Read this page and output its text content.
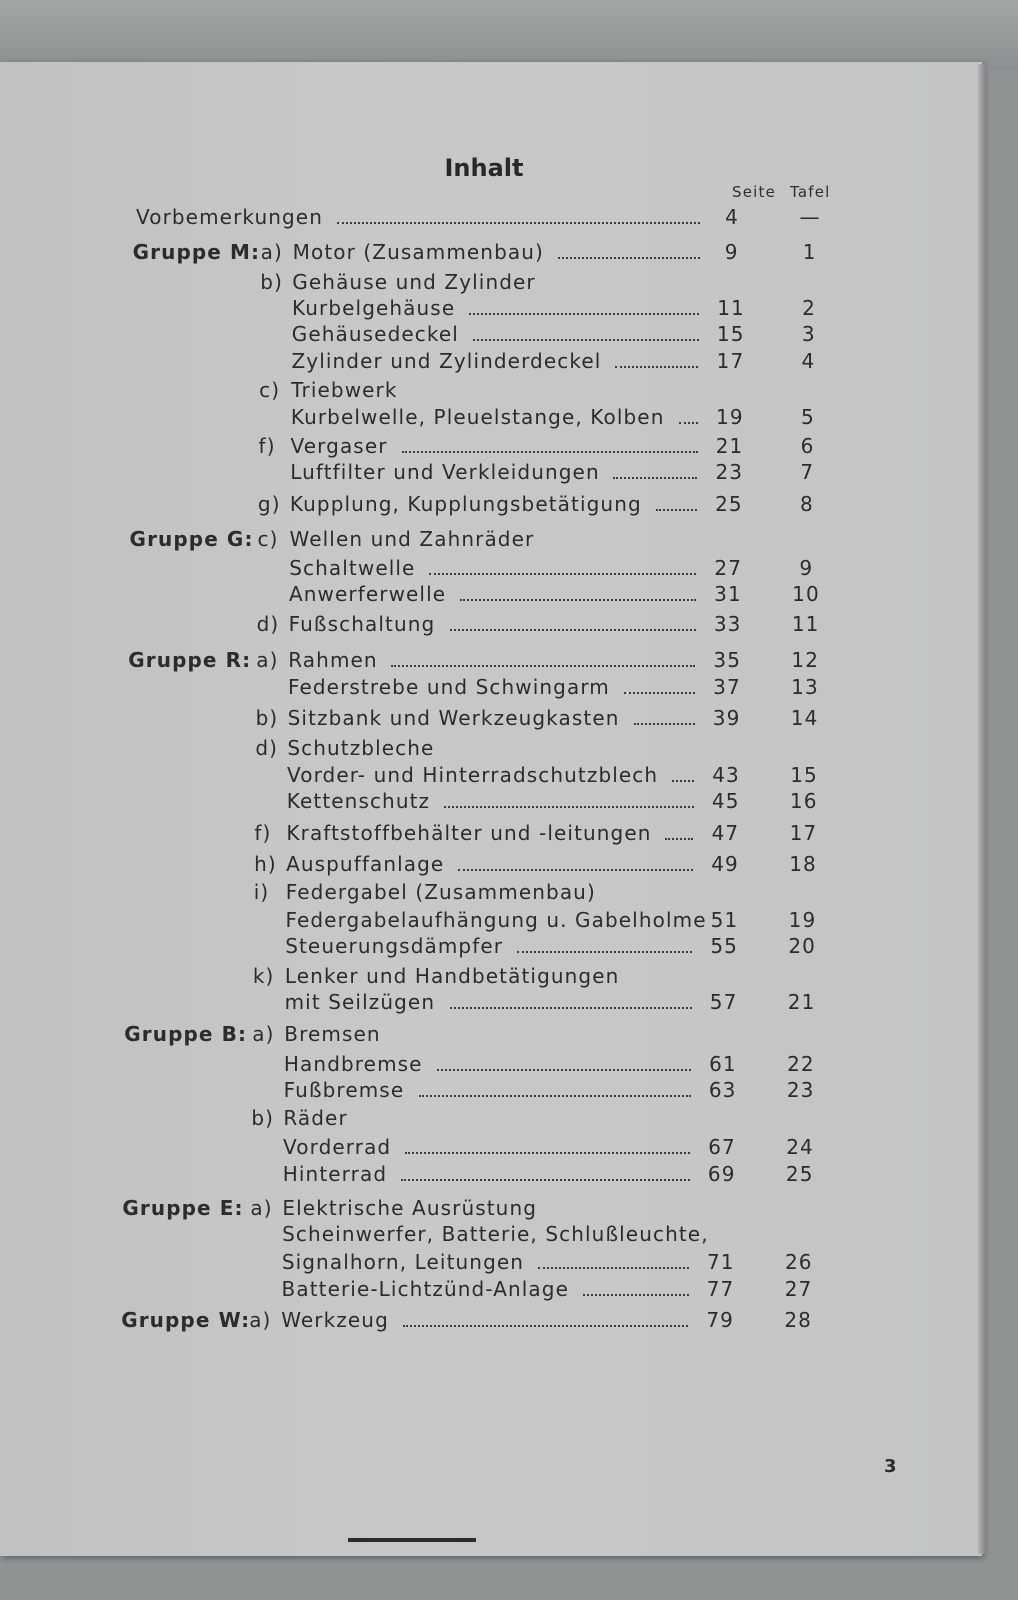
Inhalt
Seite Tafel
Vorbemerkungen	4	—
Gruppe M: a) Motor (Zusammenbau)	9	1
b) Gehäuse und Zylinder
Kurbelgehäuse	11	2
Gehäusedeckel	15	3
Zylinder und Zylinderdeckel	17	4
c) Triebwerk
Kurbelwelle, Pleuelstange, Kolben	19	5
f) Vergaser	21	6
Luftfilter und Verkleidungen	23	7
g) Kupplung, Kupplungsbetätigung	25	8
Gruppe G: c) Wellen und Zahnräder
Schaltwelle	27	9
Anwerferwelle	31	10
d) Fußschaltung	33	11
Gruppe R: a) Rahmen	35	12
Federstrebe und Schwingarm	37	13
b) Sitzbank und Werkzeugkasten	39	14
d) Schutzbleche
Vorder- und Hinterradschutzblech	43	15
Kettenschutz	45	16
f) Kraftstoffbehälter und -leitungen	47	17
h) Auspuffanlage	49	18
i) Federgabel (Zusammenbau)
Federgabelaufhängung u. Gabelholme 51	19
Steuerungsdämpfer	55	20
k) Lenker und Handbetätigungen
mit Seilzügen	57	21
Gruppe B: a) Bremsen
Handbremse	61	22
Fußbremse	63	23
b) Räder
Vorderrad	67	24
Hinterrad	69	25
Gruppe E: a) Elektrische Ausrüstung
Scheinwerfer, Batterie, Schlußleuchte,
Signalhorn, Leitungen	71	26
Batterie-Lichtzünd-Anlage	77	27
Gruppe W:
a) Werkzeug	79	28
3
